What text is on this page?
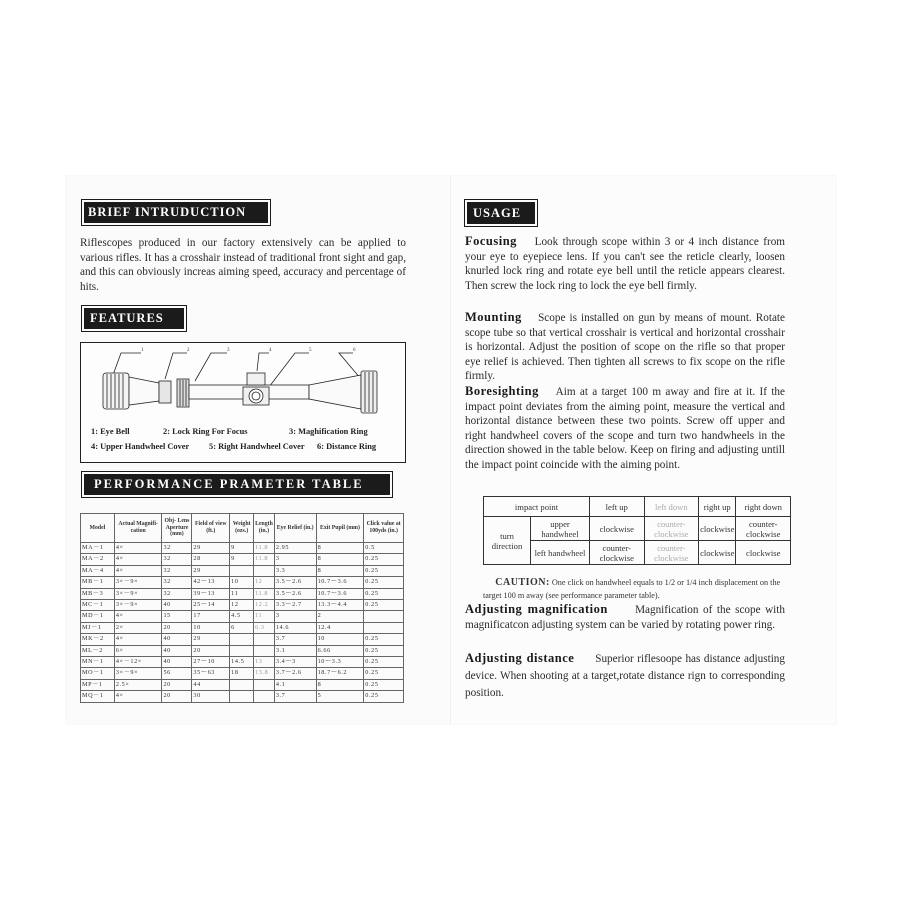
BRIEF INTRUDUCTION
Riflescopes produced in our factory extensively can be applied to various rifles. It has a crosshair instead of traditional front sight and gap, and this can obviously increas aiming speed, accuracy and percentage of hits.
FEATURES
1	2	3	4	5	6
1: Eye Bell	2: Lock Ring For Focus	3: Maghification Ring
4: Upper Handwheel Cover 5: Right Handwheel Cover 6: Distance Ring
PERFORMANCE PRAMETER TABLE
Model	Actual Magnifi- cation	Obj- Lens Aperture (mm)	Field of view (ft.)	Weight (ozs.)	Length (in.)	Eye Relief (in.)	Exit Pupil (mm)	Click value at 100yds (in.)
MA－1	4×	32	29	9	11.8	2.95	8	0.5
MA－2	4×	32	28	9	11.8	3	8	0.25
MA－4	4×	32	29			3.3	8	0.25
MB－1	3×－9×	32	42～13	10	12	3.5～2.6	10.7～3.6	0.25
MB－3	3×－9×	32	39～13	11	11.8	3.5～2.6	10.7～3.6	0.25
MC－1	3×－9×	40	25～14	12	12.2	3.3～2.7	13.3～4.4	0.25
MD－1	4×	15	17	4.5	11	3	2	
MJ－1	2×	20	10	6	6.3	14.6	12.4	
MK－2	4×	40	29			3.7	10	0.25
ML－2	6×	40	20			3.1	6.66	0.25
MN－1	4×－12×	40	27～10	14.5	13	3.4～3	10～3.3	0.25
MO－1	3×－9×	56	35～63	18	13.8	3.7～2.6	18.7～6.2	0.25
MP－1	2.5×	20	44			4.1	8	0.25
MQ－1	4×	20	30			3.7	5	0.25
USAGE
Focusing Look through scope within 3 or 4 inch distance from your eye to eyepiece lens. If you can't see the reticle clearly, loosen knurled lock ring and rotate eye bell until the reticle appears clearest. Then screw the lock ring to lock the eye bell firmly.
Mounting Scope is installed on gun by means of mount. Rotate scope tube so that vertical crosshair is vertical and horizontal crosshair is horizontal. Adjust the position of scope on the rifle so that proper eye relief is achieved. Then tighten all screws to fix scope on the rifle firmly.
Boresighting Aim at a target 100 m away and fire at it. If the impact point deviates from the aiming point, measure the vertical and horizontal distance between these two points. Screw off upper and right handwheel covers of the scope and turn two handwheels in the direction showed in the table below. Keep on firing and adjusting untill the impact point coincide with the aiming point.
impact point		left up	left down	right up	right down
turn direction	upper handwheel	clockwise	counter-clockwise	clockwise	counter-clockwise
	left handwheel	counter-clockwise	counter-clockwise	clockwise	clockwise
CAUTION: One click on handwheel equals to 1/2 or 1/4 inch displacement on the target 100 m away (see performance parameter table).
Adjusting magnification Magnification of the scope with magnificatcon adjusting system can be varied by rotating power ring.
Adjusting distance Superior riflesoope has distance adjusting device. When shooting at a target,rotate distance rign to corresponding position.
